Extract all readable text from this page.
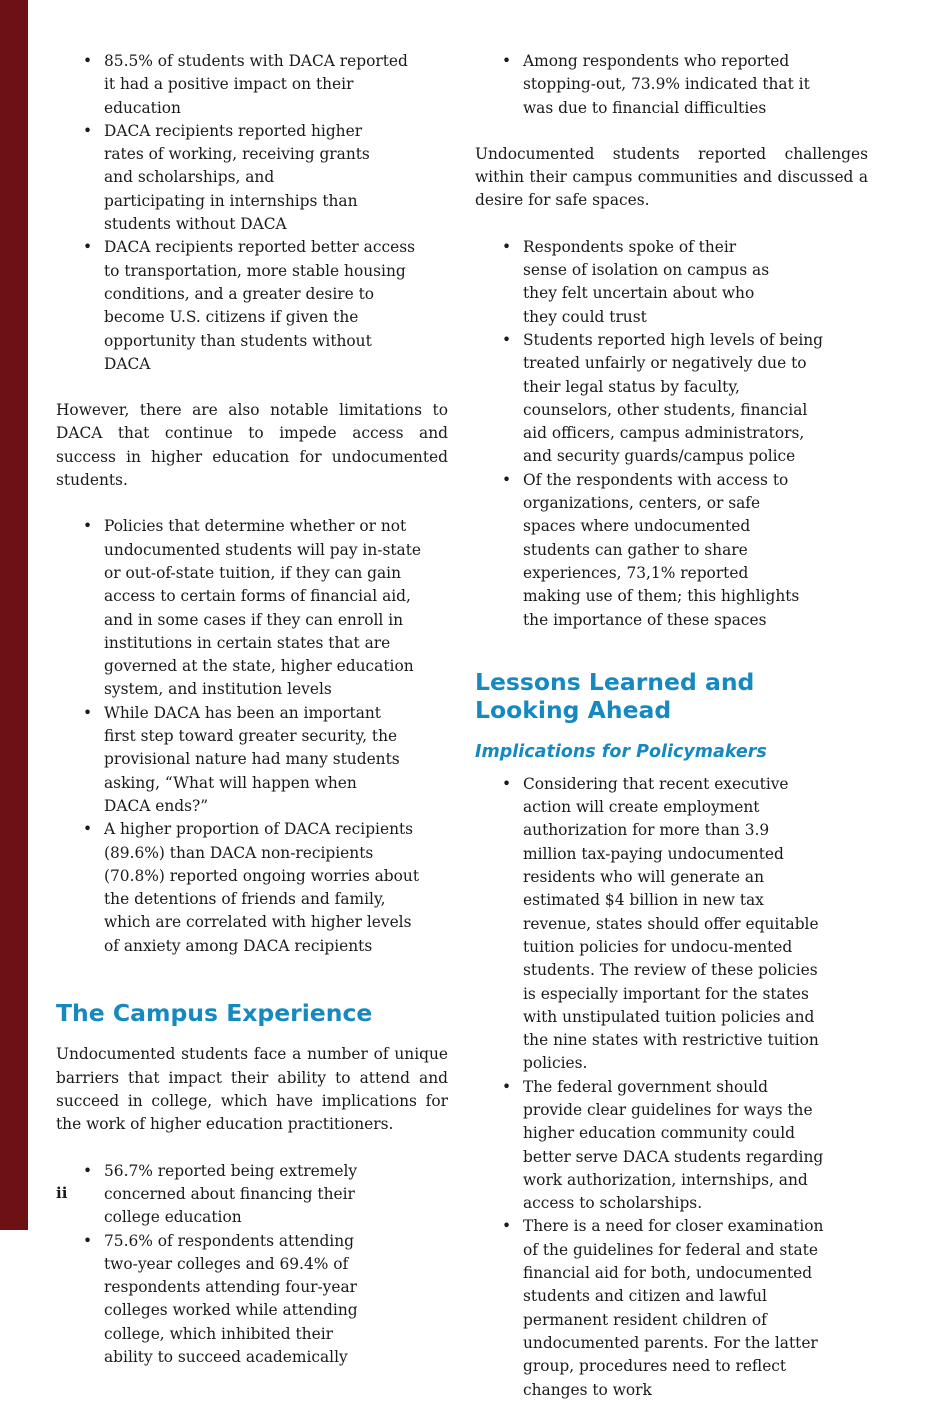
• 85.5% of students with DACA reported it had a positive impact on their education
• DACA recipients reported higher rates of working, receiving grants and scholarships, and participating in internships than students without DACA
• DACA recipients reported better access to transportation, more stable housing conditions, and a greater desire to become U.S. citizens if given the opportunity than students without DACA

However, there are also notable limitations to DACA that continue to impede access and success in higher education for undocumented students.

• Policies that determine whether or not undocumented students will pay in-state or out-of-state tuition, if they can gain access to certain forms of financial aid, and in some cases if they can enroll in institutions in certain states that are governed at the state, higher education system, and institution levels
• While DACA has been an important first step toward greater security, the provisional nature had many students asking, “What will happen when DACA ends?”
• A higher proportion of DACA recipients (89.6%) than DACA non-recipients (70.8%) reported ongoing worries about the detentions of friends and family, which are correlated with higher levels of anxiety among DACA recipients
The Campus Experience

Undocumented students face a number of unique barriers that impact their ability to attend and succeed in college, which have implications for the work of higher education practitioners.

• 56.7% reported being extremely concerned about financing their college education
• 75.6% of respondents attending two-year colleges and 69.4% of respondents attending four-year colleges worked while attending college, which inhibited their ability to succeed academically
• Among respondents who reported stopping-out, 73.9% indicated that it was due to financial difficulties

Undocumented students reported challenges within their campus communities and discussed a desire for safe spaces.

• Respondents spoke of their sense of isolation on campus as they felt uncertain about who they could trust
• Students reported high levels of being treated unfairly or negatively due to their legal status by faculty, counselors, other students, financial aid officers, campus administrators, and security guards/campus police
• Of the respondents with access to organizations, centers, or safe spaces where undocumented students can gather to share experiences, 73,1% reported making use of them; this highlights the importance of these spaces
Lessons Learned and
Looking Ahead
Implications for Policymakers
• Considering that recent executive action will create employment authorization for more than 3.9 million tax-paying undocumented residents who will generate an estimated $4 billion in new tax revenue, states should offer equitable tuition policies for undocu-mented students. The review of these policies is especially important for the states with unstipulated tuition policies and the nine states with restrictive tuition policies.
• The federal government should provide clear guidelines for ways the higher education community could better serve DACA students regarding work authorization, internships, and access to scholarships.
• There is a need for closer examination of the guidelines for federal and state financial aid for both, undocumented students and citizen and lawful permanent resident children of undocumented parents. For the latter group, procedures need to reflect changes to work
ii
